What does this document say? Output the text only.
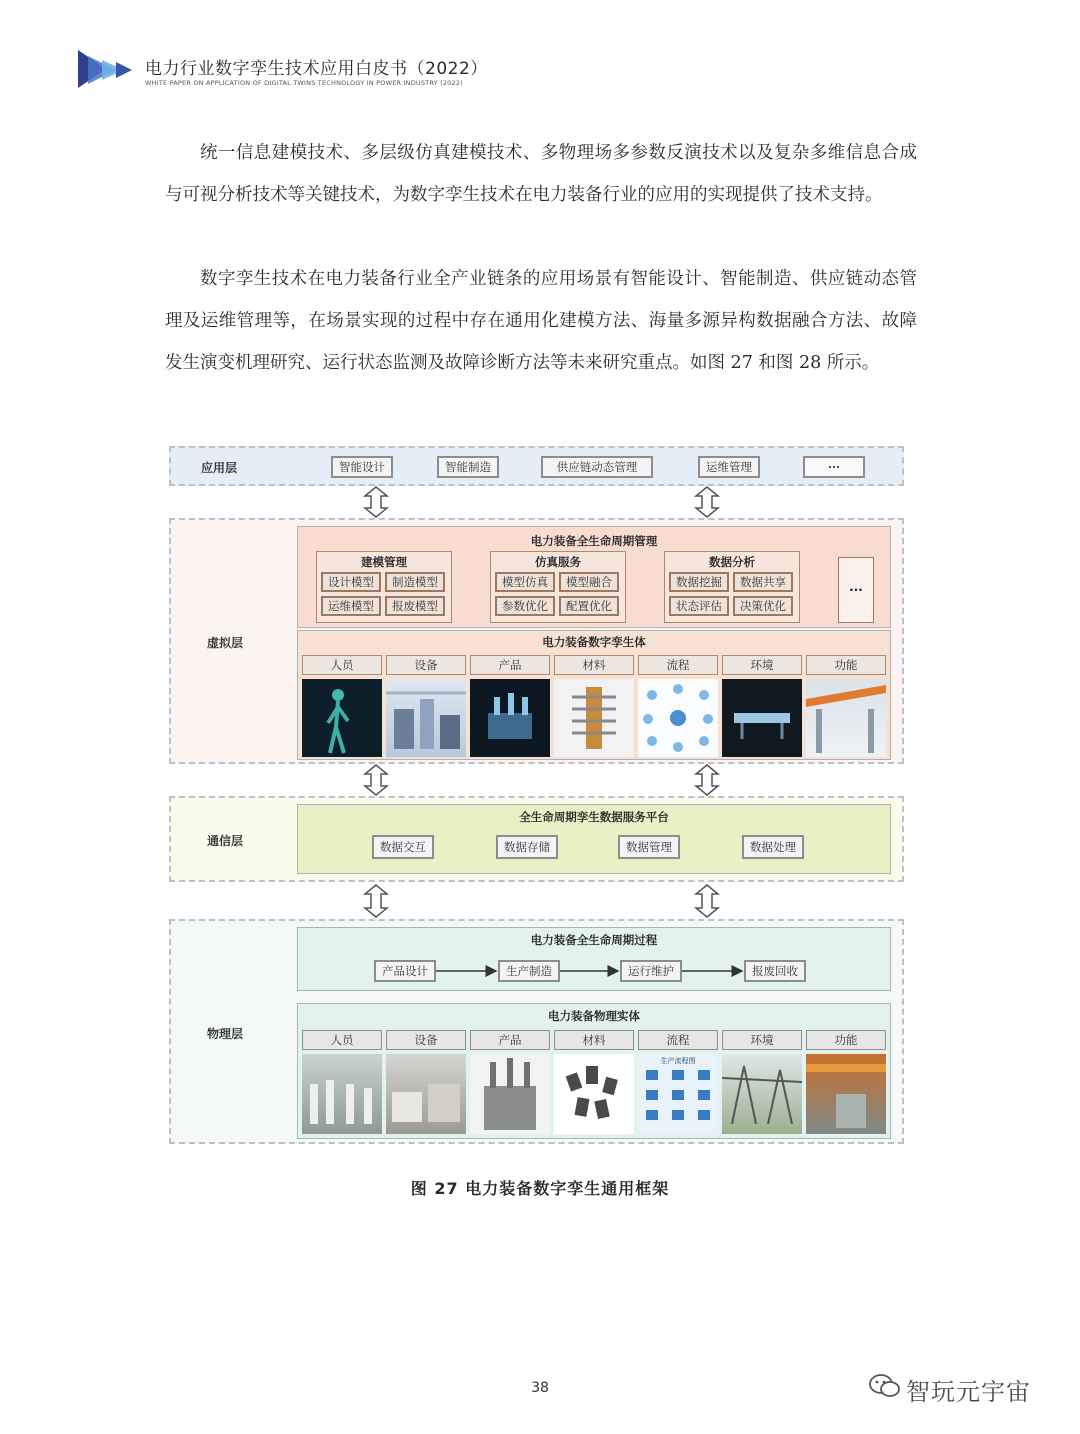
电力行业数字孪生技术应用白皮书（2022）
WHITE PAPER ON APPLICATION OF DIGITAL TWINS TECHNOLOGY IN POWER INDUSTRY (2022)
统一信息建模技术、多层级仿真建模技术、多物理场多参数反演技术以及复杂多维信息合成与可视分析技术等关键技术，为数字孪生技术在电力装备行业的应用的实现提供了技术支持。
数字孪生技术在电力装备行业全产业链条的应用场景有智能设计、智能制造、供应链动态管理及运维管理等，在场景实现的过程中存在通用化建模方法、海量多源异构数据融合方法、故障发生演变机理研究、运行状态监测及故障诊断方法等未来研究重点。如图 27 和图 28 所示。
应用层	智能设计	智能制造	供应链动态管理	运维管理	···
虚拟层
电力装备全生命周期管理
建模管理
设计模型	制造模型
运维模型	报废模型
仿真服务
模型仿真	模型融合
参数优化	配置优化
数据分析
数据挖掘	数据共享
状态评估	决策优化
···
电力装备数字孪生体
人员	设备	产品	材料	流程	环境	功能
通信层
全生命周期孪生数据服务平台
数据交互	数据存储	数据管理	数据处理
物理层
电力装备全生命周期过程
产品设计	生产制造	运行维护	报废回收
电力装备物理实体
人员	设备	产品	材料	流程	环境	功能
生产流程图
图 27 电力装备数字孪生通用框架
38	智玩元宇宙
